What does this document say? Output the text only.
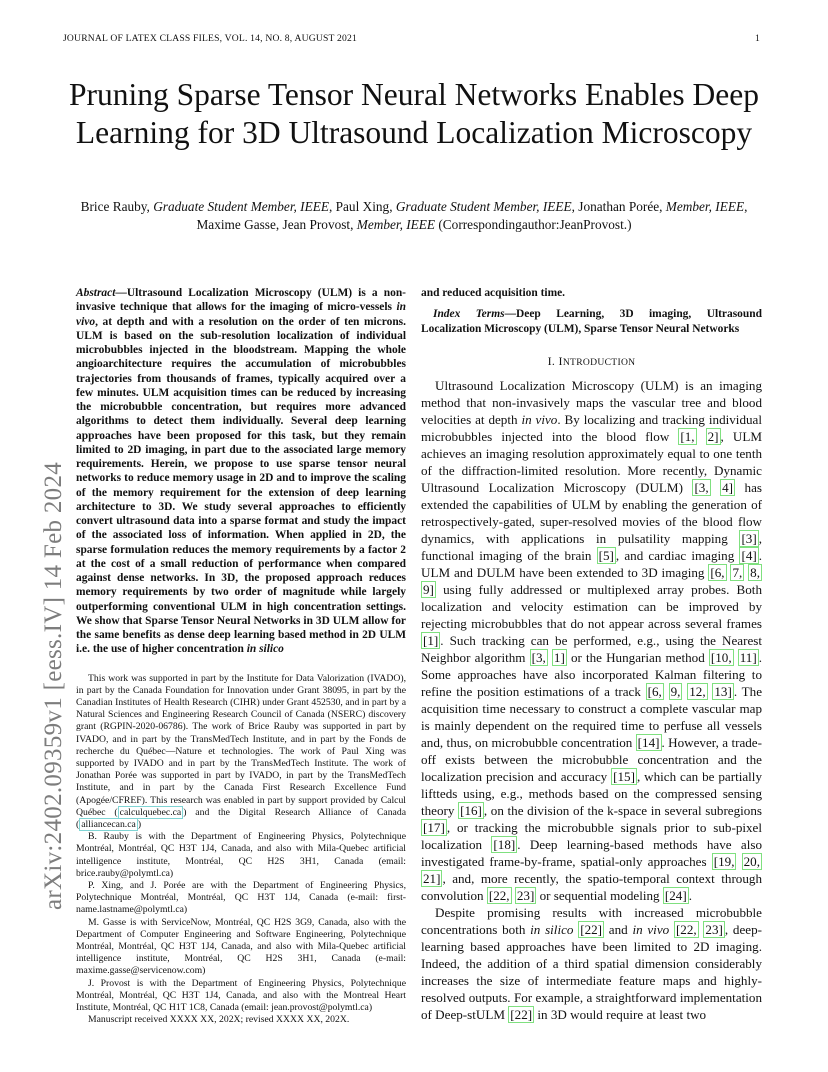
JOURNAL OF LATEX CLASS FILES, VOL. 14, NO. 8, AUGUST 2021	1
Pruning Sparse Tensor Neural Networks Enables Deep Learning for 3D Ultrasound Localization Microscopy
Brice Rauby, Graduate Student Member, IEEE, Paul Xing, Graduate Student Member, IEEE, Jonathan Porée, Member, IEEE, Maxime Gasse, Jean Provost, Member, IEEE (Correspondingauthor:JeanProvost.)
arXiv:2402.09359v1 [eess.IV] 14 Feb 2024

Abstract—Ultrasound Localization Microscopy (ULM) is a non-invasive technique that allows for the imaging of micro-vessels in vivo, at depth and with a resolution on the order of ten microns. ULM is based on the sub-resolution localization of individual microbubbles injected in the bloodstream. Mapping the whole angioarchitecture requires the accumulation of microbubbles trajectories from thousands of frames, typically acquired over a few minutes. ULM acquisition times can be reduced by increasing the microbubble concentration, but requires more advanced algorithms to detect them individually. Several deep learning approaches have been proposed for this task, but they remain limited to 2D imaging, in part due to the associated large memory requirements. Herein, we propose to use sparse tensor neural networks to reduce memory usage in 2D and to improve the scaling of the memory requirement for the extension of deep learning architecture to 3D. We study several approaches to efficiently convert ultrasound data into a sparse format and study the impact of the associated loss of information. When applied in 2D, the sparse formulation reduces the memory requirements by a factor 2 at the cost of a small reduction of performance when compared against dense networks. In 3D, the proposed approach reduces memory requirements by two order of magnitude while largely outperforming conventional ULM in high concentration settings. We show that Sparse Tensor Neural Networks in 3D ULM allow for the same benefits as dense deep learning based method in 2D ULM i.e. the use of higher concentration in silico

This work was supported in part by the Institute for Data Valorization (IVADO), in part by the Canada Foundation for Innovation under Grant 38095, in part by the Canadian Institutes of Health Research (CIHR) under Grant 452530, and in part by a Natural Sciences and Engineering Research Council of Canada (NSERC) discovery grant (RGPIN-2020-06786). The work of Brice Rauby was supported in part by IVADO, and in part by the TransMedTech Institute, and in part by the Fonds de recherche du Québec—Nature et technologies. The work of Paul Xing was supported by IVADO and in part by the TransMedTech Institute. The work of Jonathan Porée was supported in part by IVADO, in part by the TransMedTech Institute, and in part by the Canada First Research Excellence Fund (Apogée/CFREF). This research was enabled in part by support provided by Calcul Québec ( calculquebec.ca ) and the Digital Research Alliance of Canada ( alliancecan.ca )

B. Rauby is with the Department of Engineering Physics, Polytechnique Montréal, Montréal, QC H3T 1J4, Canada, and also with Mila-Quebec artificial intelligence institute, Montréal, QC H2S 3H1, Canada (email: brice.rauby@polymtl.ca)

P. Xing, and J. Porée are with the Department of Engineering Physics, Polytechnique Montréal, Montréal, QC H3T 1J4, Canada (e-mail: first-name.lastname@polymtl.ca)

M. Gasse is with ServiceNow, Montréal, QC H2S 3G9, Canada, also with the Department of Computer Engineering and Software Engineering, Polytechnique Montréal, Montréal, QC H3T 1J4, Canada, and also with Mila-Quebec artificial intelligence institute, Montréal, QC H2S 3H1, Canada (e-mail: maxime.gasse@servicenow.com)

J. Provost is with the Department of Engineering Physics, Polytechnique Montréal, Montréal, QC H3T 1J4, Canada, and also with the Montreal Heart Institute, Montréal, QC H1T 1C8, Canada (email: jean.provost@polymtl.ca)

Manuscript received XXXX XX, 202X; revised XXXX XX, 202X.

and reduced acquisition time.

Index Terms—Deep Learning, 3D imaging, Ultrasound Localization Microscopy (ULM), Sparse Tensor Neural Networks

I. INTRODUCTION

Ultrasound Localization Microscopy (ULM) is an imaging method that non-invasively maps the vascular tree and blood velocities at depth in vivo. By localizing and tracking individual microbubbles injected into the blood flow [1, 2] , ULM achieves an imaging resolution approximately equal to one tenth of the diffraction-limited resolution. More recently, Dynamic Ultrasound Localization Microscopy (DULM) [3, 4] has extended the capabilities of ULM by enabling the generation of retrospectively-gated, super-resolved movies of the blood flow dynamics, with applications in pulsatility mapping [3] , functional imaging of the brain [5] , and cardiac imaging [4] . ULM and DULM have been extended to 3D imaging [6, 7, 8, 9] using fully addressed or multiplexed array probes. Both localization and velocity estimation can be improved by rejecting microbubbles that do not appear across several frames [1] . Such tracking can be performed, e.g., using the Nearest Neighbor algorithm [3, 1] or the Hungarian method [10, 11] . Some approaches have also incorporated Kalman filtering to refine the position estimations of a track [6, 9, 12, 13] . The acquisition time necessary to construct a complete vascular map is mainly dependent on the required time to perfuse all vessels and, thus, on microbubble concentration [14] . However, a trade-off exists between the microbubble concentration and the localization precision and accuracy [15] , which can be partially liftteds using, e.g., methods based on the compressed sensing theory [16] , on the division of the k-space in several subregions [17] , or tracking the microbubble signals prior to sub-pixel localization [18] . Deep learning-based methods have also investigated frame-by-frame, spatial-only approaches [19, 20, 21] , and, more recently, the spatio-temporal context through convolution [22, 23] or sequential modeling [24] .

Despite promising results with increased microbubble concentrations both in silico [22] and in vivo [22, 23] , deep-learning based approaches have been limited to 2D imaging. Indeed, the addition of a third spatial dimension considerably increases the size of intermediate feature maps and highly-resolved outputs. For example, a straightforward implementation of Deep-stULM [22] in 3D would require at least two
